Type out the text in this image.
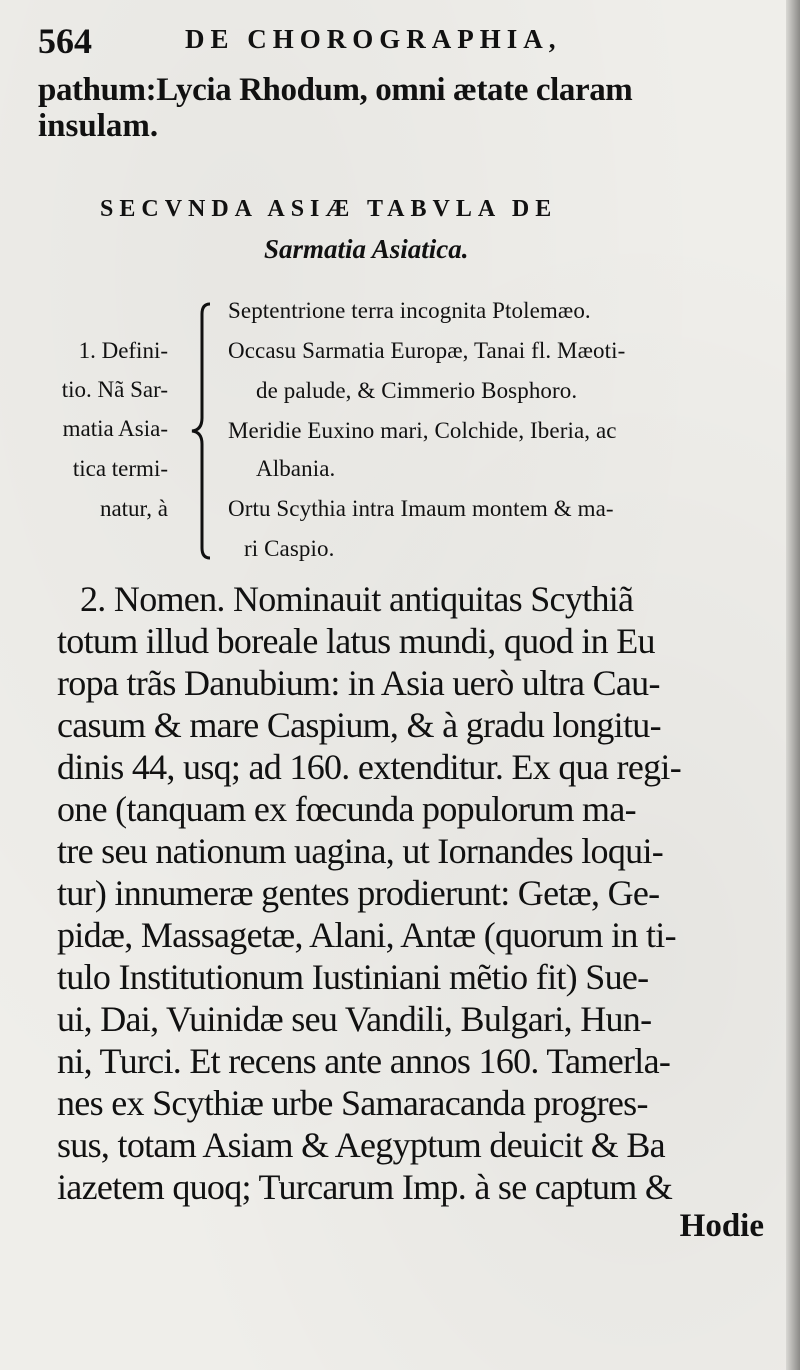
564	DE CHOROGRAPHIA,
pathum:Lycia Rhodum, omni ætate claram
insulam.
SECVNDA ASIÆ TABVLA DE
Sarmatia Asiatica.
1. Defini-
tio. Nã Sar-
matia Asia-
tica termi-
natur, à
Septentrione terra incognita Ptolemæo.
Occasu Sarmatia Europæ, Tanai fl. Mæoti-
de palude, & Cimmerio Bosphoro.
Meridie Euxino mari, Colchide, Iberia, ac
Albania.
Ortu Scythia intra Imaum montem & ma-
ri Caspio.
2. Nomen. Nominauit antiquitas Scythiã
totum illud boreale latus mundi, quod in Eu
ropa trãs Danubium: in Asia uerò ultra Cau-
casum & mare Caspium, & à gradu longitu-
dinis 44, usq; ad 160. extenditur. Ex qua regi-
one (tanquam ex fœcunda populorum ma-
tre seu nationum uagina, ut Iornandes loqui-
tur) innumeræ gentes prodierunt: Getæ, Ge-
pidæ, Massagetæ, Alani, Antæ (quorum in ti-
tulo Institutionum Iustiniani mẽtio fit) Sue-
ui, Dai, Vuinidæ seu Vandili, Bulgari, Hun-
ni, Turci. Et recens ante annos 160. Tamerla-
nes ex Scythiæ urbe Samaracanda progres-
sus, totam Asiam & Aegyptum deuicit & Ba
iazetem quoq; Turcarum Imp. à se captum &
Hodie
